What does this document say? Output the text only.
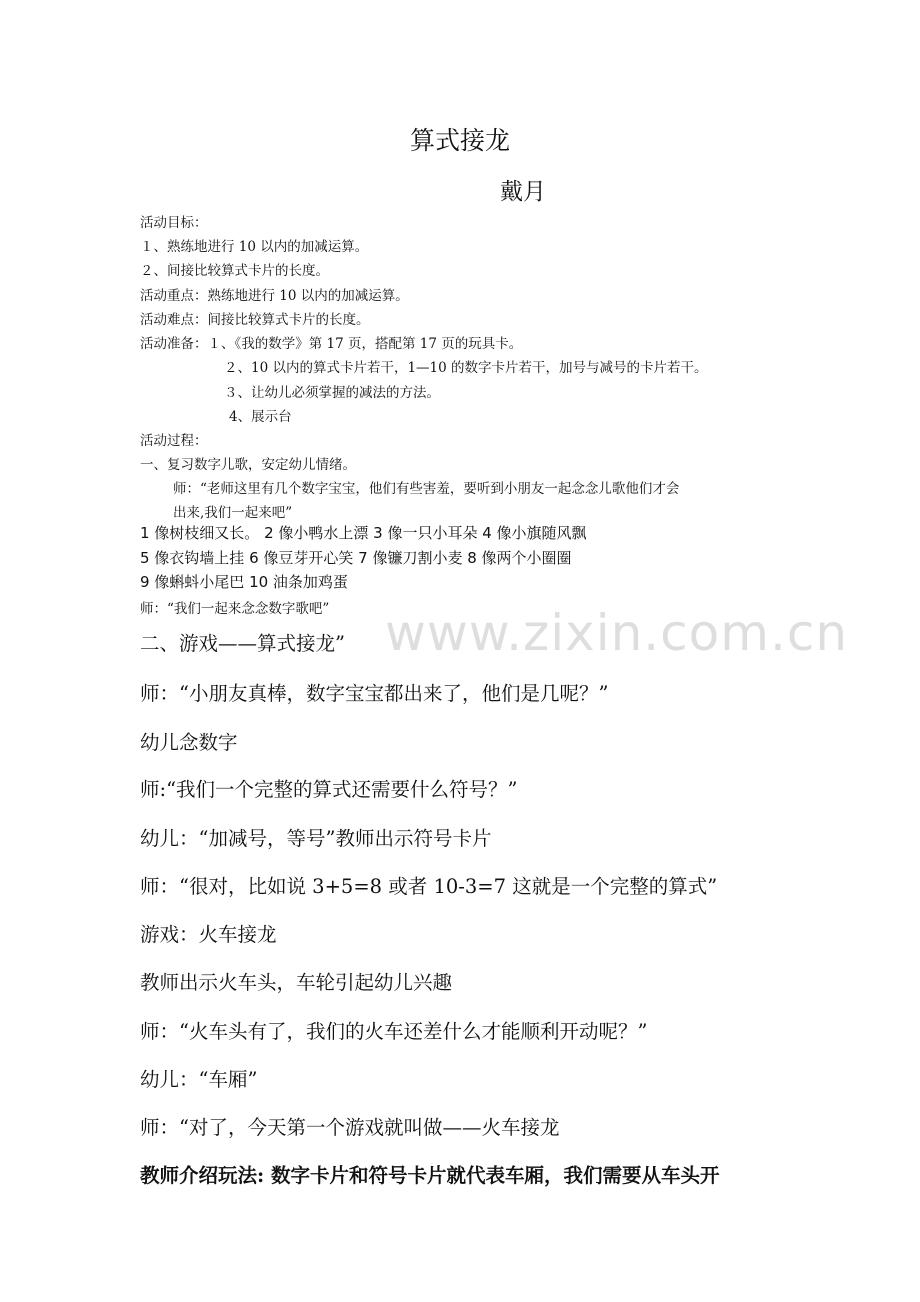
算式接龙
戴月
活动目标：
１、熟练地进行 10 以内的加减运算。
２、间接比较算式卡片的长度。
活动重点：熟练地进行 10 以内的加减运算。
活动难点：间接比较算式卡片的长度。
活动准备：１、《我的数学》第 17 页，搭配第 17 页的玩具卡。
２、10 以内的算式卡片若干，1—10 的数字卡片若干，加号与减号的卡片若干。
３、让幼儿必须掌握的减法的方法。
4、展示台
活动过程：
一、复习数字儿歌，安定幼儿情绪。
师：“老师这里有几个数字宝宝，他们有些害羞，要听到小朋友一起念念儿歌他们才会
出来,我们一起来吧”
1 像树枝细又长。 2 像小鸭水上漂 3 像一只小耳朵 4 像小旗随风飘
5 像衣钩墙上挂 6 像豆芽开心笑 7 像镰刀割小麦 8 像两个小圈圈
9 像蝌蚪小尾巴 10 油条加鸡蛋
师：“我们一起来念念数字歌吧”
二、游戏——算式接龙”
师：“小朋友真棒，数字宝宝都出来了，他们是几呢？”
幼儿念数字
师:“我们一个完整的算式还需要什么符号？”
幼儿：“加减号，等号”教师出示符号卡片
师：“很对，比如说 3+5=8 或者 10-3=7 这就是一个完整的算式”
游戏：火车接龙
教师出示火车头，车轮引起幼儿兴趣
师：“火车头有了，我们的火车还差什么才能顺利开动呢？”
幼儿：“车厢”
师：“对了，今天第一个游戏就叫做——火车接龙
教师介绍玩法: 数字卡片和符号卡片就代表车厢，我们需要从车头开
www.zixin.com.cn
